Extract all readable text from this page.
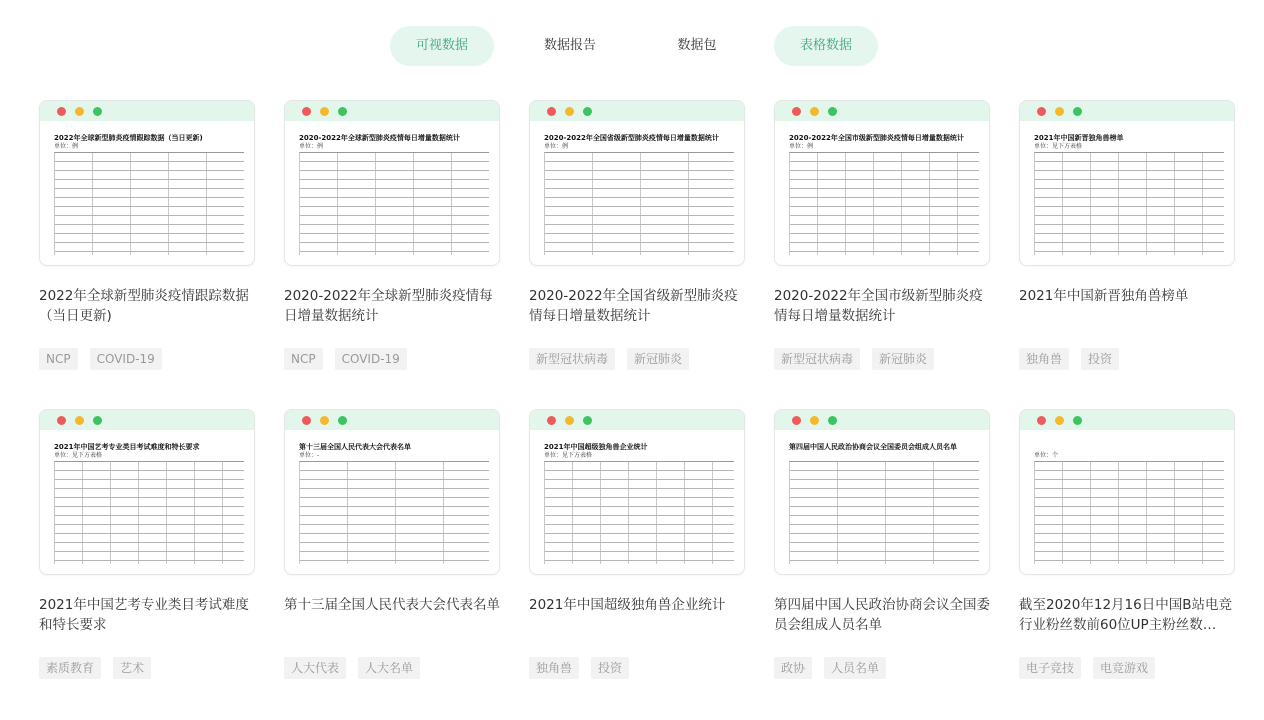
可视数据	数据报告	数据包	表格数据
2022年全球新型肺炎疫情跟踪数据（当日更新)
单位：例
2022年全球新型肺炎疫情跟踪数据（当日更新)
NCP COVID-19
2020-2022年全球新型肺炎疫情每日增量数据统计
单位：例
2020-2022年全球新型肺炎疫情每日增量数据统计
NCP COVID-19
2020-2022年全国省级新型肺炎疫情每日增量数据统计
单位：例
2020-2022年全国省级新型肺炎疫情每日增量数据统计
新型冠状病毒 新冠肺炎
2020-2022年全国市级新型肺炎疫情每日增量数据统计
单位：例
2020-2022年全国市级新型肺炎疫情每日增量数据统计
新型冠状病毒 新冠肺炎
2021年中国新晋独角兽榜单
单位：见下方表格
2021年中国新晋独角兽榜单
独角兽 投资
2021年中国艺考专业类目考试难度和特长要求
单位：见下方表格
2021年中国艺考专业类目考试难度和特长要求
素质教育 艺术
第十三届全国人民代表大会代表名单
单位：-
第十三届全国人民代表大会代表名单
人大代表 人大名单
2021年中国超级独角兽企业统计
单位：见下方表格
2021年中国超级独角兽企业统计
独角兽 投资
第四届中国人民政治协商会议全国委员会组成人员名单
第四届中国人民政治协商会议全国委员会组成人员名单
政协 人员名单
单位：个
截至2020年12月16日中国B站电竞行业粉丝数前60位UP主粉丝数…
电子竞技 电竞游戏
